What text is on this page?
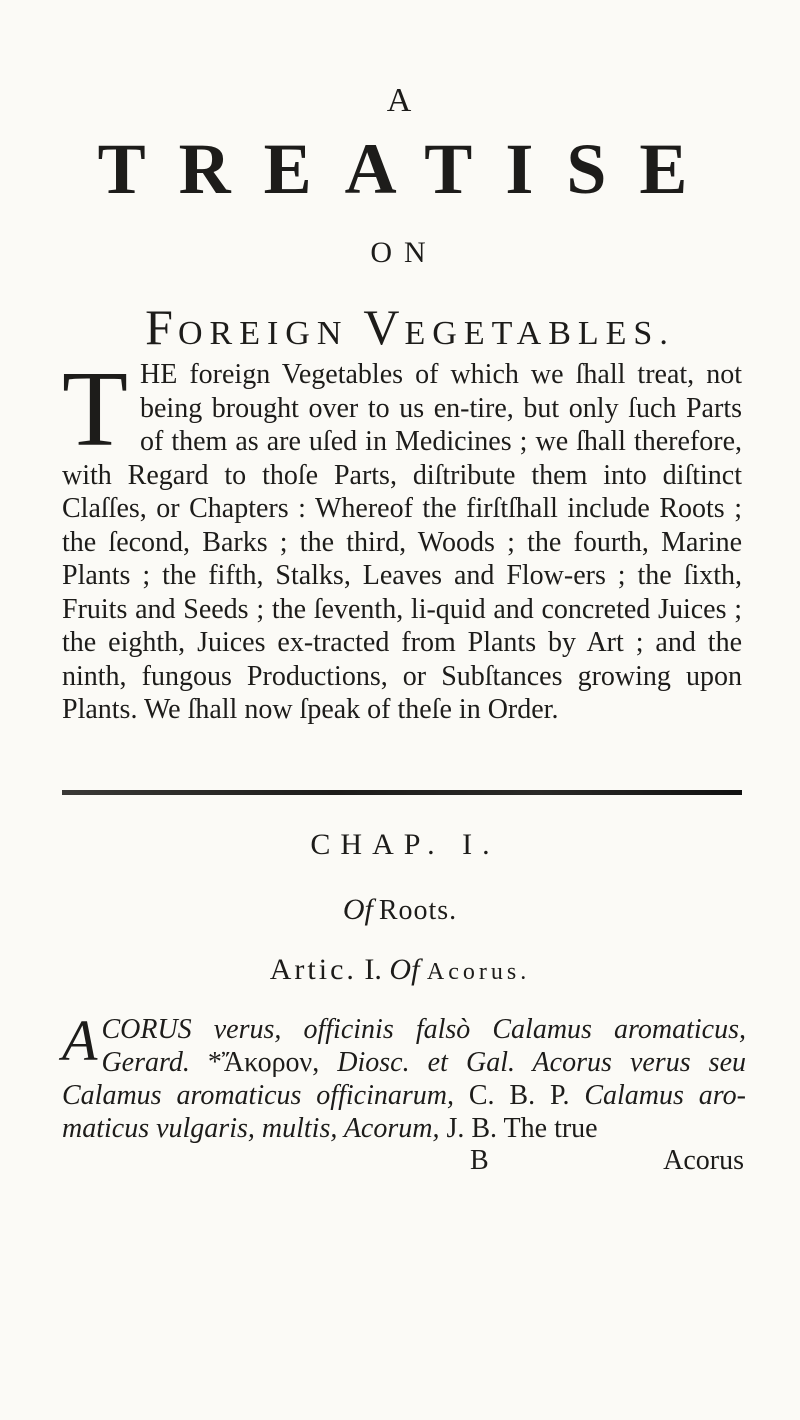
A
TREATISE
ON
FOREIGN VEGETABLES.
T HE foreign Vegetables of which we ſhall treat, not being brought over to us en-tire, but only ſuch Parts of them as are uſed in Medicines ; we ſhall therefore, with Regard to thoſe Parts, diſtribute them into diſtinct Claſſes, or Chapters : Whereof the firſtſhall include Roots ; the ſecond, Barks ; the third, Woods ; the fourth, Marine Plants ; the fifth, Stalks, Leaves and Flow-ers ; the ſixth, Fruits and Seeds ; the ſeventh, li-quid and concreted Juices ; the eighth, Juices ex-tracted from Plants by Art ; and the ninth, fungous Productions, or Subſtances growing upon Plants. We ſhall now ſpeak of theſe in Order.

CHAP. I.
Of Roots.
Artic. I. Of Acorus.
A CORUS verus, officinis falsò Calamus aromaticus, Gerard. *Ἄκορον, Diosc. et Gal. Acorus verus seu Calamus aromaticus officinarum, C. B. P. Calamus aro-maticus vulgaris, multis, Acorum, J. B. The true

B	Acorus
